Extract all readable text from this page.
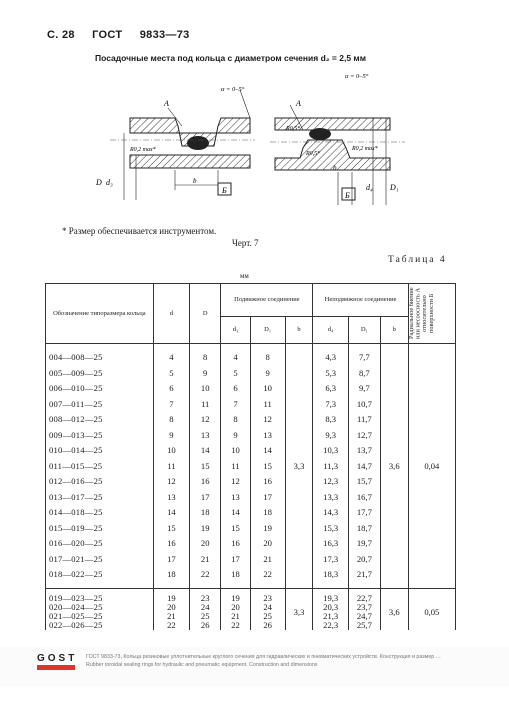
С. 28 ГОСТ 9833—73
Посадочные места под кольца с диаметром сечения d₂ = 2,5 мм
α = 0–5°
А
Б
b
R0,2 max*
D d₃
α = 0–5°
А
Б
b
R0,2 max*
R0,5*
d₄ D₁
R0,5*
* Размер обеспечивается инструментом.
Черт. 7
Таблица 4
мм
Обозначение типоразмера кольца	d	D	Подвижное соединение			Неподвижное соединение			Радиальное биение или несоосность А относительно поверхности Б

			d₃	D₁	b	d₄	D₁	b	

004—008—25	4	8	4	8	3,3	4,3	7,7	3,6	0,04
005—009—25	5	9	5	9		5,3	8,7		
006—010—25	6	10	6	10		6,3	9,7		
007—011—25	7	11	7	11		7,3	10,7		
008—012—25	8	12	8	12		8,3	11,7		
009—013—25	9	13	9	13		9,3	12,7		
010—014—25	10	14	10	14		10,3	13,7		
011—015—25	11	15	11	15		11,3	14,7		
012—016—25	12	16	12	16		12,3	15,7		
013—017—25	13	17	13	17		13,3	16,7		
014—018—25	14	18	14	18		14,3	17,7		
015—019—25	15	19	15	19		15,3	18,7		
016—020—25	16	20	16	20		16,3	19,7		
017—021—25	17	21	17	21		17,3	20,7		
018—022—25	18	22	18	22		18,3	21,7		

019—023—25	19	23	19	23	3,3	19,3	22,7	3,6	0,05
020—024—25	20	24	20	24		20,3	23,7		
021—025—25	21	25	21	25		21,3	24,7		
022—026—25	22	26	22	26		22,3	25,7		
GOST ГОСТ 9833-73, Кольца резиновые уплотнительные круглого сечения для гидравлических и пневматических устройств. Конструкция и размер …
Rubber toroidal sealing rings for hydraulic and pneumatic equipment. Construction and dimensions
